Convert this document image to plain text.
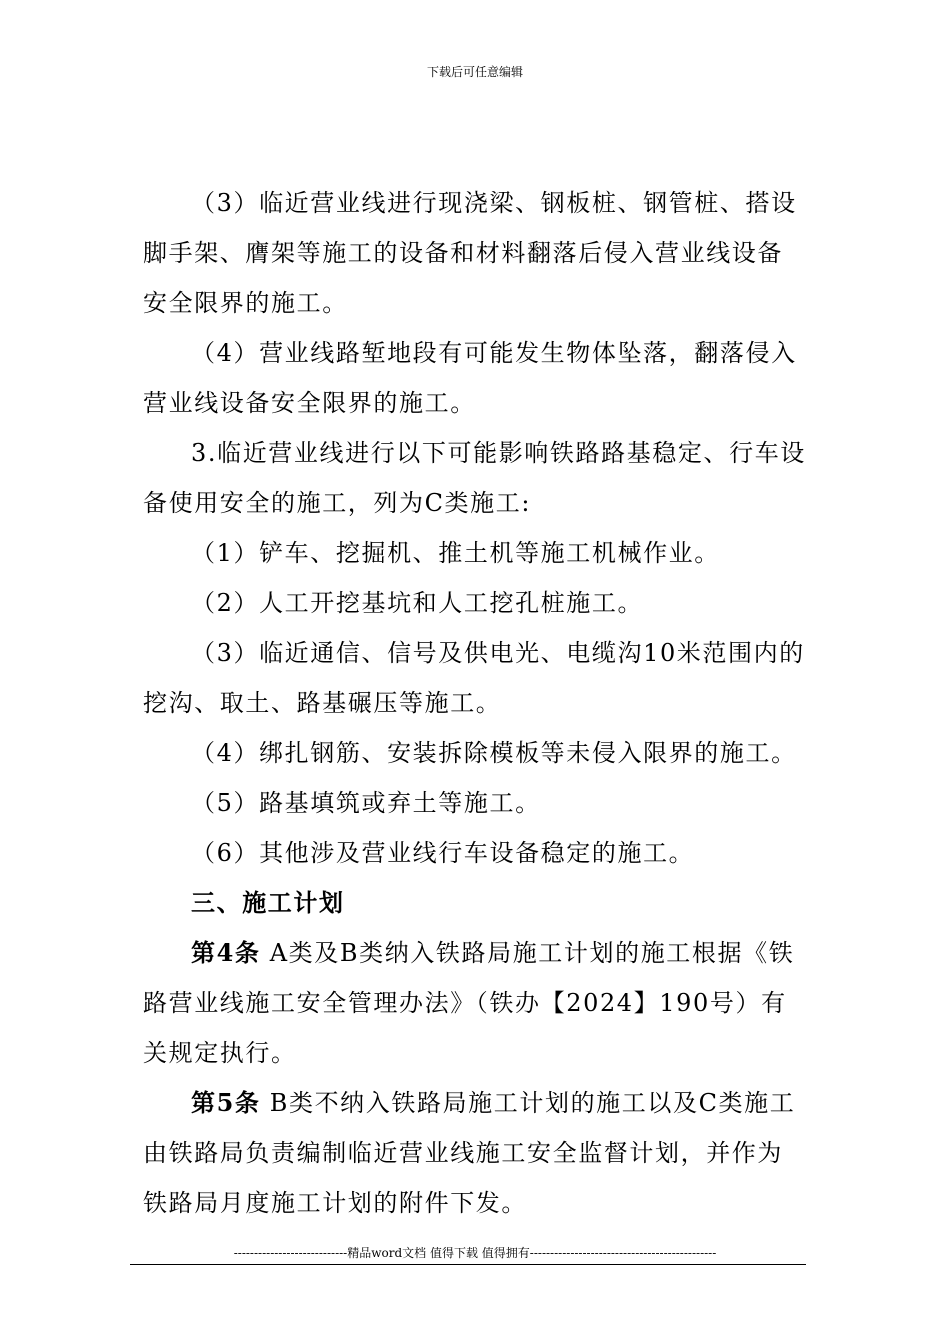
下载后可任意编辑

（3）临近营业线进行现浇梁、钢板桩、钢管桩、搭设脚手架、膺架等施工的设备和材料翻落后侵入营业线设备安全限界的施工。

（4）营业线路堑地段有可能发生物体坠落，翻落侵入营业线设备安全限界的施工。

3.临近营业线进行以下可能影响铁路路基稳定、行车设备使用安全的施工，列为C类施工:

（1）铲车、挖掘机、推土机等施工机械作业。

（2）人工开挖基坑和人工挖孔桩施工。

（3）临近通信、信号及供电光、电缆沟10米范围内的挖沟、取土、路基碾压等施工。

（4）绑扎钢筋、安装拆除模板等未侵入限界的施工。

（5）路基填筑或弃土等施工。

（6）其他涉及营业线行车设备稳定的施工。

三、施工计划

第4条 A类及B类纳入铁路局施工计划的施工根据《铁路营业线施工安全管理办法》（铁办【2024】190号）有关规定执行。

第5条 B类不纳入铁路局施工计划的施工以及C类施工由铁路局负责编制临近营业线施工安全监督计划，并作为铁路局月度施工计划的附件下发。

----------------------------精品word文档 值得下载 值得拥有----------------------------------------------
